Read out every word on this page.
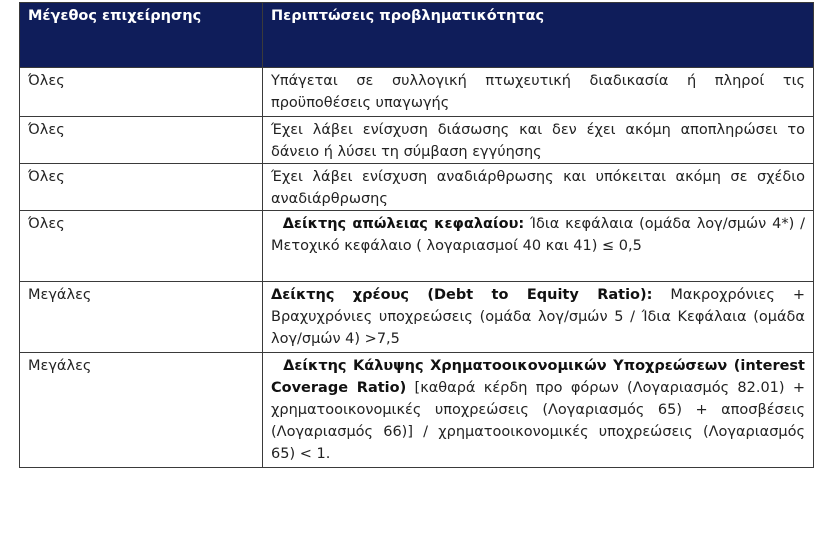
Μέγεθος επιχείρησης	Περιπτώσεις προβληματικότητας
Όλες	Υπάγεται σε συλλογική πτωχευτική διαδικασία ή πληροί τις προϋποθέσεις υπαγωγής
Όλες	Έχει λάβει ενίσχυση διάσωσης και δεν έχει ακόμη αποπληρώσει το δάνειο ή λύσει τη σύμβαση εγγύησης
Όλες	Έχει λάβει ενίσχυση αναδιάρθρωσης και υπόκειται ακόμη σε σχέδιο αναδιάρθρωσης
Όλες	Δείκτης απώλειας κεφαλαίου: Ίδια κεφάλαια (ομάδα λογ/σμών 4*) / Μετοχικό κεφάλαιο ( λογαριασμοί 40 και 41) ≤ 0,5
Μεγάλες	Δείκτης χρέους (Debt to Equity Ratio): Μακροχρόνιες + Βραχυχρόνιες υποχρεώσεις (ομάδα λογ/σμών 5 / Ίδια Κεφάλαια (ομάδα λογ/σμών 4) >7,5
Μεγάλες	Δείκτης Κάλυψης Χρηματοοικονομικών Υποχρεώσεων (interest Coverage Ratio) [καθαρά κέρδη προ φόρων (Λογαριασμός 82.01) + χρηματοοικονομικές υποχρεώσεις (Λογαριασμός 65) + αποσβέσεις (Λογαριασμός 66)] / χρηματοοικονομικές υποχρεώσεις (Λογαριασμός 65) < 1.
